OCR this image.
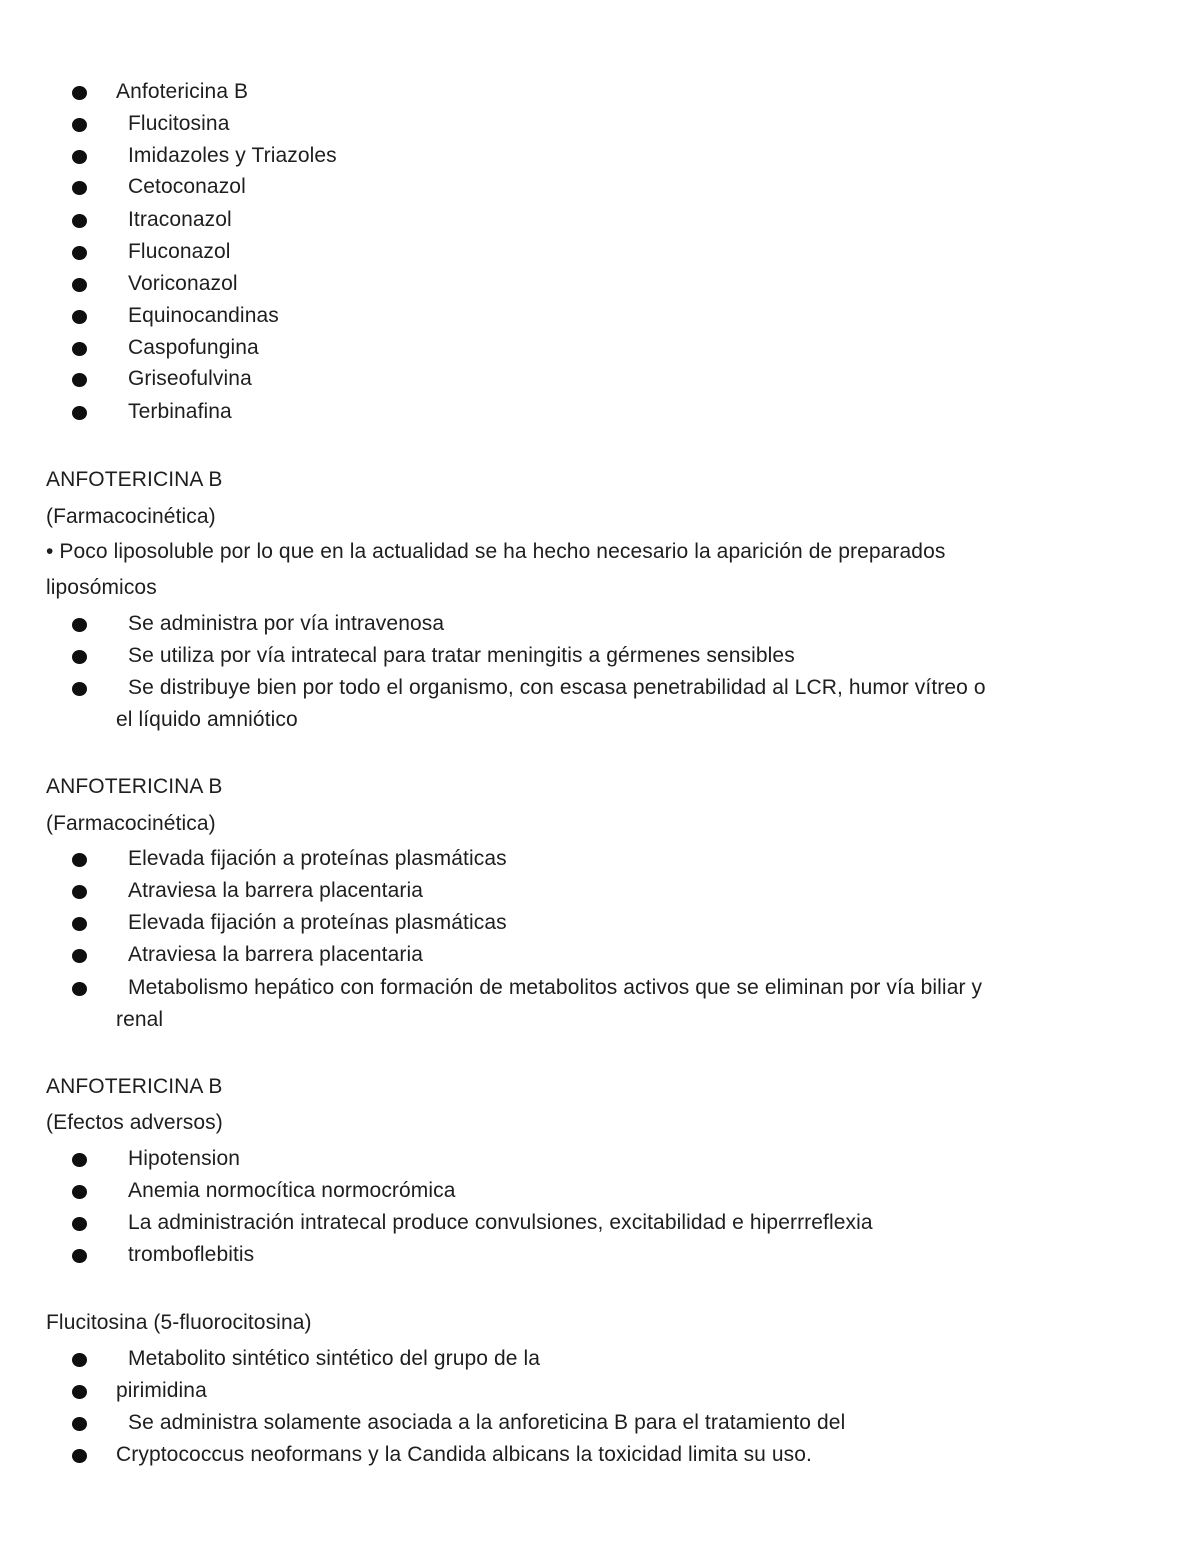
Anfotericina B
Flucitosina
Imidazoles y Triazoles
Cetoconazol
Itraconazol
Fluconazol
Voriconazol
Equinocandinas
Caspofungina
Griseofulvina
Terbinafina
ANFOTERICINA B
(Farmacocinética)
• Poco liposoluble por lo que en la actualidad se ha hecho necesario la aparición de preparados
liposómicos
Se administra por vía intravenosa
Se utiliza por vía intratecal para tratar meningitis a gérmenes sensibles
Se distribuye bien por todo el organismo, con escasa penetrabilidad al LCR, humor vítreo o
el líquido amniótico
ANFOTERICINA B
(Farmacocinética)
Elevada fijación a proteínas plasmáticas
Atraviesa la barrera placentaria
Elevada fijación a proteínas plasmáticas
Atraviesa la barrera placentaria
Metabolismo hepático con formación de metabolitos activos que se eliminan por vía biliar y
renal
ANFOTERICINA B
(Efectos adversos)
Hipotension
Anemia normocítica normocrómica
La administración intratecal produce convulsiones, excitabilidad e hiperrreflexia
tromboflebitis
Flucitosina (5-fluorocitosina)
Metabolito sintético sintético del grupo de la
pirimidina
Se administra solamente asociada a la anforeticina B para el tratamiento del
Cryptococcus neoformans y la Candida albicans la toxicidad limita su uso.
